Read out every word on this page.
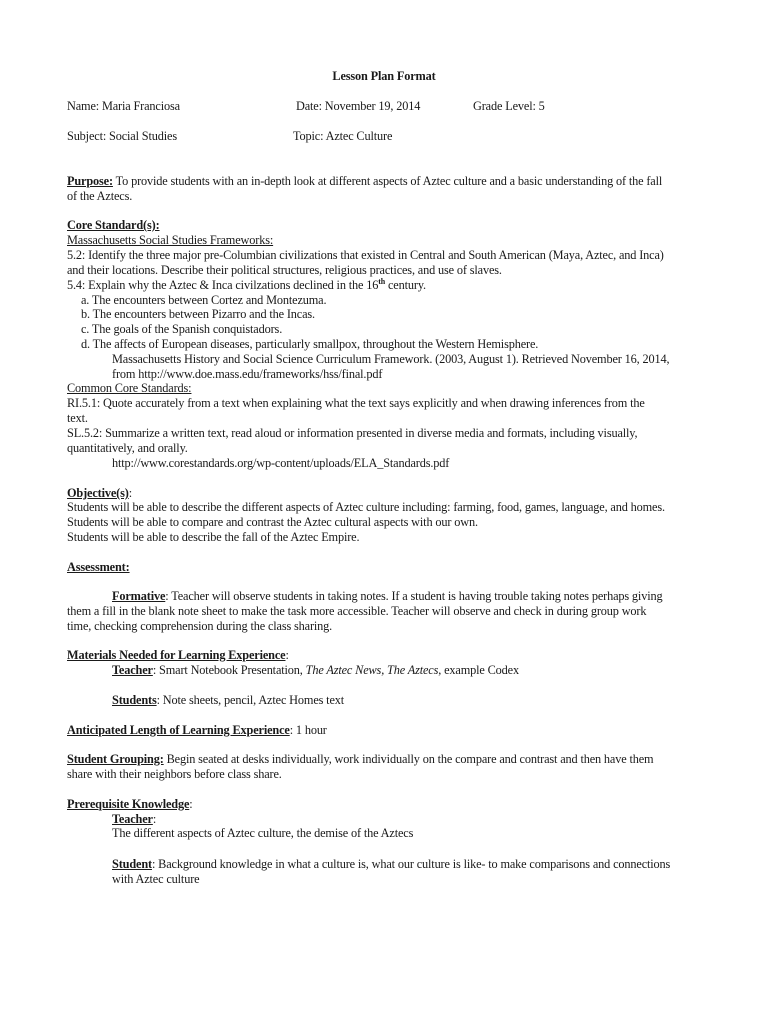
Lesson Plan Format
Name: Maria Franciosa	Date: November 19, 2014	Grade Level: 5
Subject: Social Studies	Topic: Aztec Culture
Purpose: To provide students with an in-depth look at different aspects of Aztec culture and a basic understanding of the fall
of the Aztecs.
Core Standard(s):
Massachusetts Social Studies Frameworks:
5.2: Identify the three major pre-Columbian civilizations that existed in Central and South American (Maya, Aztec, and Inca)
and their locations. Describe their political structures, religious practices, and use of slaves.
5.4: Explain why the Aztec & Inca civilzations declined in the 16th century.
a. The encounters between Cortez and Montezuma.
b. The encounters between Pizarro and the Incas.
c. The goals of the Spanish conquistadors.
d. The affects of European diseases, particularly smallpox, throughout the Western Hemisphere.
Massachusetts History and Social Science Curriculum Framework. (2003, August 1). Retrieved November 16, 2014,
from http://www.doe.mass.edu/frameworks/hss/final.pdf
Common Core Standards:
RI.5.1: Quote accurately from a text when explaining what the text says explicitly and when drawing inferences from the
text.
SL.5.2: Summarize a written text, read aloud or information presented in diverse media and formats, including visually,
quantitatively, and orally.
http://www.corestandards.org/wp-content/uploads/ELA_Standards.pdf
Objective(s):
Students will be able to describe the different aspects of Aztec culture including: farming, food, games, language, and homes.
Students will be able to compare and contrast the Aztec cultural aspects with our own.
Students will be able to describe the fall of the Aztec Empire.
Assessment:
Formative: Teacher will observe students in taking notes. If a student is having trouble taking notes perhaps giving
them a fill in the blank note sheet to make the task more accessible. Teacher will observe and check in during group work
time, checking comprehension during the class sharing.
Materials Needed for Learning Experience:
Teacher: Smart Notebook Presentation, The Aztec News, The Aztecs, example Codex
Students: Note sheets, pencil, Aztec Homes text
Anticipated Length of Learning Experience: 1 hour
Student Grouping: Begin seated at desks individually, work individually on the compare and contrast and then have them
share with their neighbors before class share.
Prerequisite Knowledge:
Teacher:
The different aspects of Aztec culture, the demise of the Aztecs
Student: Background knowledge in what a culture is, what our culture is like- to make comparisons and connections
with Aztec culture
